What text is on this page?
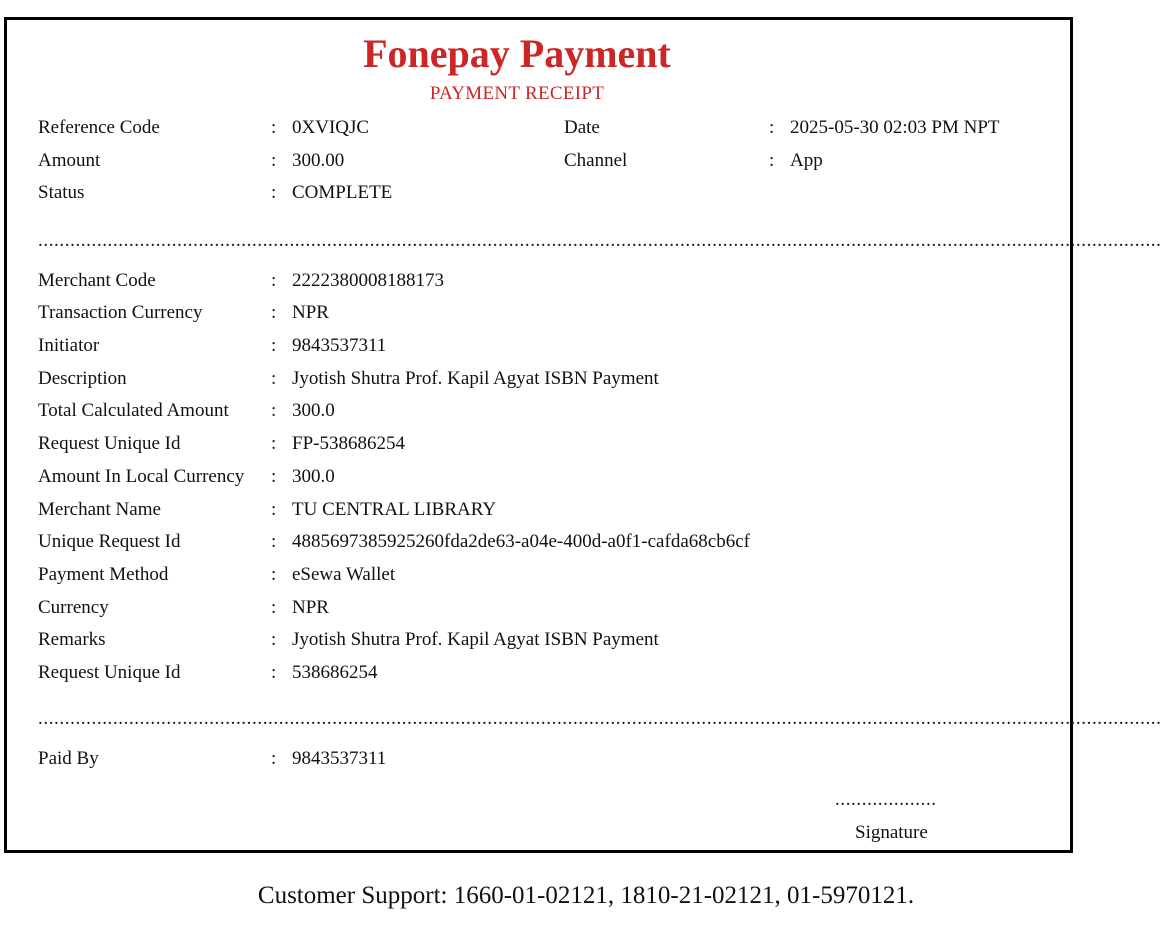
Fonepay Payment
PAYMENT RECEIPT
Reference Code	: 0XVIQJC
Amount	: 300.00
Status	: COMPLETE
Date	: 2025-05-30 02:03 PM NPT
Channel	: App
..................................................................................................................................................................................................................
Merchant Code	: 2222380008188173
Transaction Currency	: NPR
Initiator	: 9843537311
Description	: Jyotish Shutra Prof. Kapil Agyat ISBN Payment
Total Calculated Amount : 300.0
Request Unique Id	: FP-538686254
Amount In Local Currency : 300.0
Merchant Name	: TU CENTRAL LIBRARY
Unique Request Id	: 4885697385925260fda2de63-a04e-400d-a0f1-cafda68cb6cf
Payment Method	: eSewa Wallet
Currency	: NPR
Remarks	: Jyotish Shutra Prof. Kapil Agyat ISBN Payment
Request Unique Id	: 538686254
..................................................................................................................................................................................................................
Paid By	: 9843537311
...................
Signature
Customer Support: 1660-01-02121, 1810-21-02121, 01-5970121.
